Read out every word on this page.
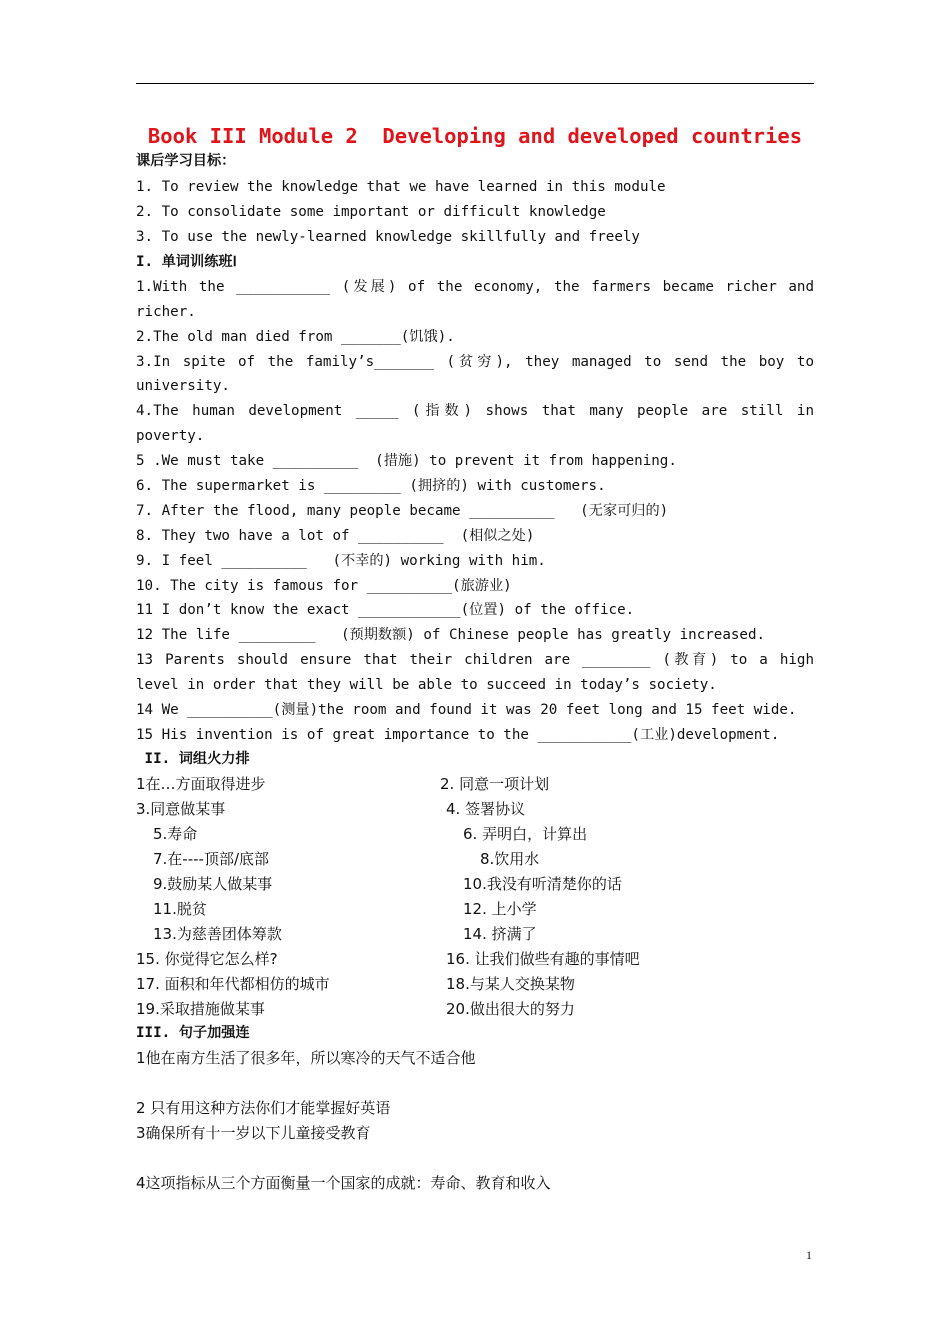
Book III Module 2  Developing and developed countries
课后学习目标：
1. To review the knowledge that we have learned in this module
2. To consolidate some important or difficult knowledge
3. To use the newly-learned knowledge skillfully and freely
I. 单词训练班Ⅰ
1.With the ___________ (发展) of the economy, the farmers became richer and
richer.
2.The old man died from _______(饥饿).
3.In spite of the family’s_______ (贫穷), they managed to send the boy to
university.
4.The human development _____ (指数) shows that many people are still in
poverty.
5 .We must take __________  (措施) to prevent it from happening.
6. The supermarket is _________ (拥挤的) with customers.
7. After the flood, many people became __________   (无家可归的)
8. They two have a lot of __________  (相似之处)
9. I feel __________   (不幸的) working with him.
10. The city is famous for __________(旅游业)
11 I don’t know the exact ____________(位置) of the office.
12 The life _________   (预期数额) of Chinese people has greatly increased.
13 Parents should ensure that their children are ________ (教育) to a high
level in order that they will be able to succeed in today’s society.
14 We __________(测量)the room and found it was 20 feet long and 15 feet wide.
15 His invention is of great importance to the ___________(工业)development.
II. 词组火力排
1在…方面取得进步	2. 同意一项计划
3.同意做某事	4. 签署协议
5.寿命	6. 弄明白，计算出
7.在----顶部/底部	8.饮用水
9.鼓励某人做某事	10.我没有听清楚你的话
11.脱贫	12. 上小学
13.为慈善团体筹款	14. 挤满了
15. 你觉得它怎么样?	16. 让我们做些有趣的事情吧
17. 面积和年代都相仿的城市	18.与某人交换某物
19.采取措施做某事	20.做出很大的努力
III. 句子加强连
1他在南方生活了很多年，所以寒冷的天气不适合他
2 只有用这种方法你们才能掌握好英语
3确保所有十一岁以下儿童接受教育
4这项指标从三个方面衡量一个国家的成就：寿命、教育和收入
1
